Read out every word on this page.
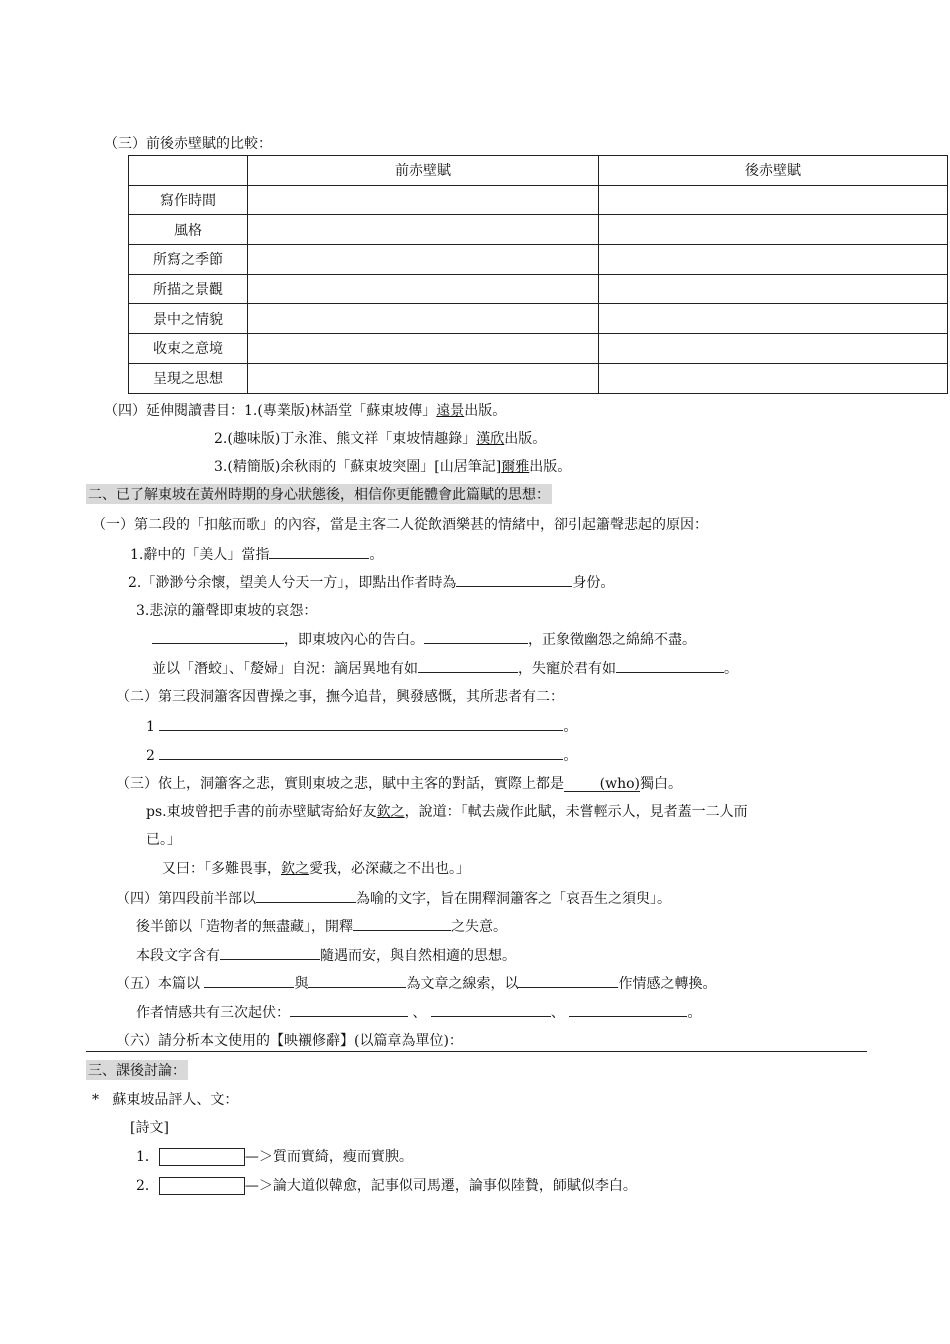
（三）前後赤壁賦的比較：
	前赤壁賦	後赤壁賦
寫作時間		
風格		
所寫之季節		
所描之景觀		
景中之情貌		
收束之意境		
呈現之思想		
（四）延伸閱讀書目：1.(專業版)林語堂「蘇東坡傳」遠景出版。
2.(趣味版)丁永淮、熊文祥「東坡情趣錄」漢欣出版。
3.(精簡版)余秋雨的「蘇東坡突圍」[山居筆記]爾雅出版。
二、已了解東坡在黃州時期的身心狀態後，相信你更能體會此篇賦的思想：
（一）第二段的「扣舷而歌」的內容，當是主客二人從飲酒樂甚的情緒中，卻引起簫聲悲起的原因：
1.辭中的「美人」當指	。
2.「渺渺兮余懷，望美人兮天一方」，即點出作者時為	身份。
3.悲涼的簫聲即東坡的哀怨：
，即東坡內心的告白。	，正象徵幽怨之綿綿不盡。
並以「潛蛟」、「嫠婦」自況：謫居異地有如	，失寵於君有如	。
（二）第三段洞簫客因曹操之事，撫今追昔，興發感慨，其所悲者有二：
1	。
2	。
（三）依上，洞簫客之悲，實則東坡之悲，賦中主客的對話，實際上都是	(who)獨白。
ps.東坡曾把手書的前赤壁賦寄給好友欽之，說道：「軾去歲作此賦，未嘗輕示人，見者蓋一二人而
已。」
又曰：「多難畏事，欽之愛我，必深藏之不出也。」
（四）第四段前半部以	為喻的文字，旨在開釋洞簫客之「哀吾生之須臾」。
後半節以「造物者的無盡藏」，開釋	之失意。
本段文字含有	隨遇而安，與自然相適的思想。
（五）本篇以	與	為文章之線索，以	作情感之轉換。
作者情感共有三次起伏：	、	、	。
（六）請分析本文使用的【映襯修辭】(以篇章為單位)：
三、課後討論：
* 蘇東坡品評人、文：
[詩文]
1．	—＞質而實綺，瘦而實腴。
2．	—＞論大道似韓愈，記事似司馬遷，論事似陸贄，師賦似李白。
